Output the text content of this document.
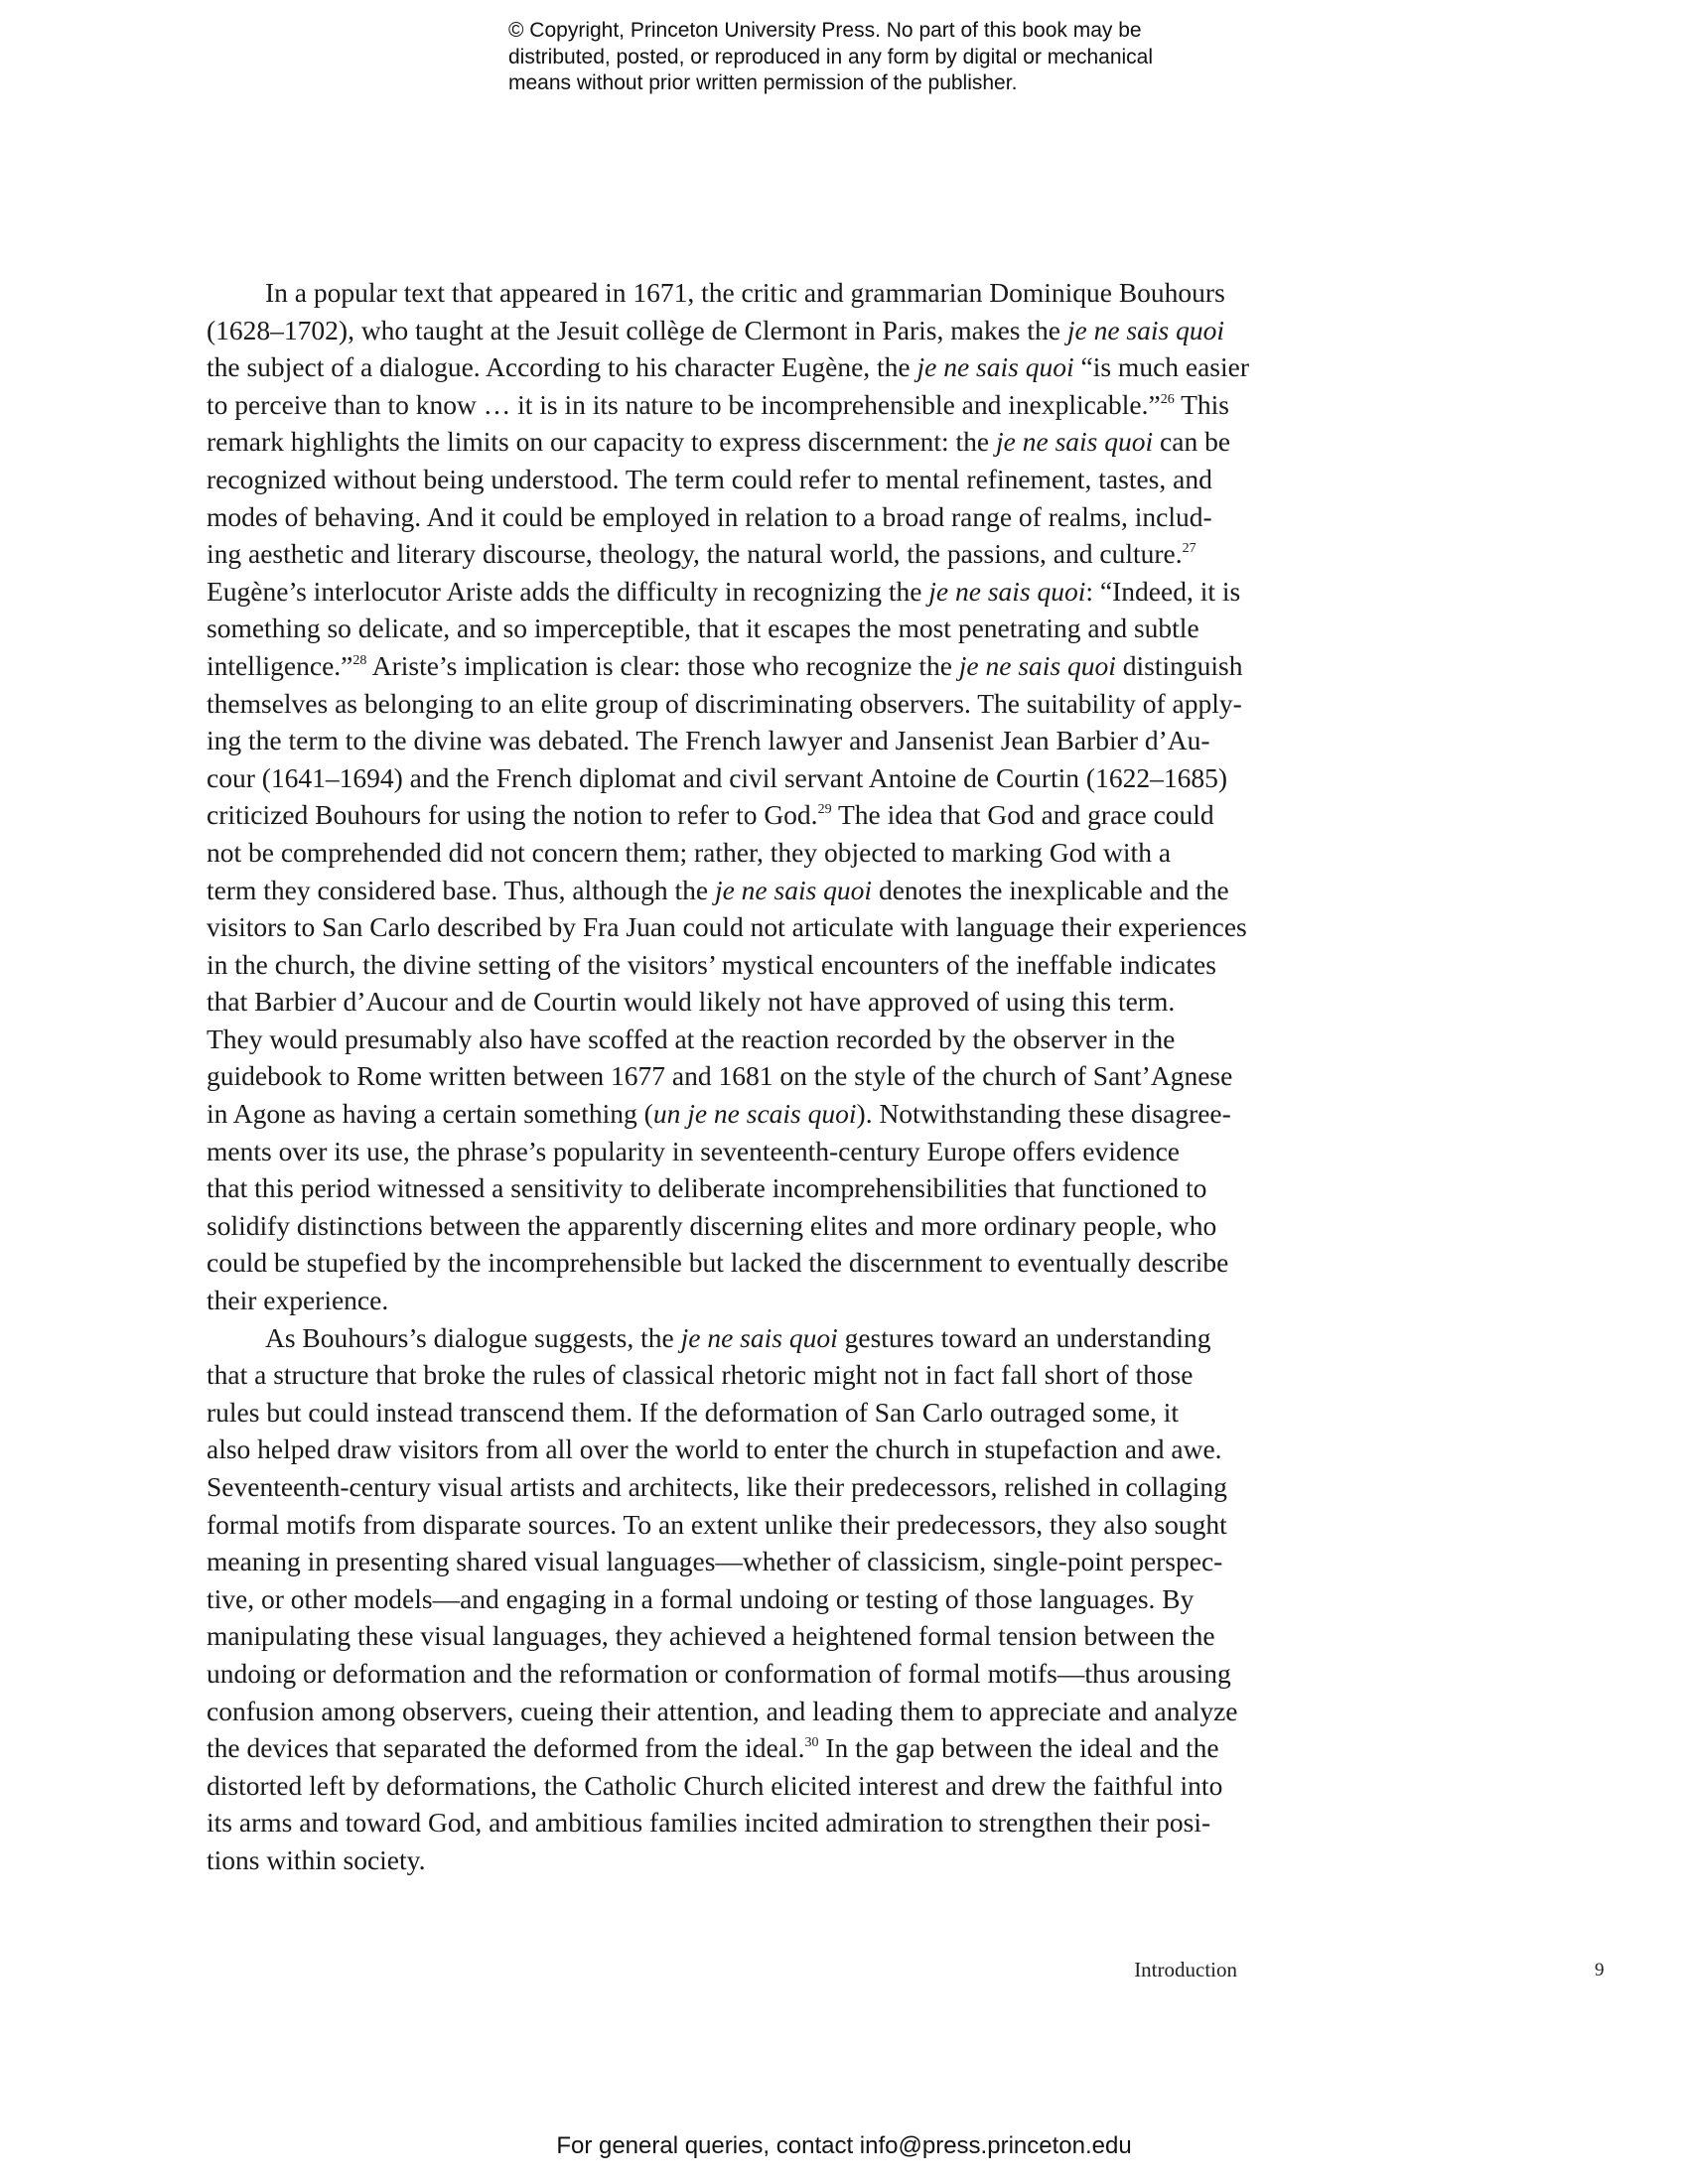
© Copyright, Princeton University Press. No part of this book may be
distributed, posted, or reproduced in any form by digital or mechanical
means without prior written permission of the publisher.
In a popular text that appeared in 1671, the critic and grammarian Dominique Bouhours
(1628–1702), who taught at the Jesuit collège de Clermont in Paris, makes the je ne sais quoi
the subject of a dialogue. According to his character Eugène, the je ne sais quoi “is much easier
to perceive than to know … it is in its nature to be incomprehensible and inexplicable.”$^{26}$ This
remark highlights the limits on our capacity to express discernment: the je ne sais quoi can be
recognized without being understood. The term could refer to mental refinement, tastes, and
modes of behaving. And it could be employed in relation to a broad range of realms, includ-
ing aesthetic and literary discourse, theology, the natural world, the passions, and culture.$^{27}$
Eugène’s interlocutor Ariste adds the difficulty in recognizing the je ne sais quoi: “Indeed, it is
something so delicate, and so imperceptible, that it escapes the most penetrating and subtle
intelligence.”$^{28}$ Ariste’s implication is clear: those who recognize the je ne sais quoi distinguish
themselves as belonging to an elite group of discriminating observers. The suitability of apply-
ing the term to the divine was debated. The French lawyer and Jansenist Jean Barbier d’Au-
cour (1641–1694) and the French diplomat and civil servant Antoine de Courtin (1622–1685)
criticized Bouhours for using the notion to refer to God.$^{29}$ The idea that God and grace could
not be comprehended did not concern them; rather, they objected to marking God with a
term they considered base. Thus, although the je ne sais quoi denotes the inexplicable and the
visitors to San Carlo described by Fra Juan could not articulate with language their experiences
in the church, the divine setting of the visitors’ mystical encounters of the ineffable indicates
that Barbier d’Aucour and de Courtin would likely not have approved of using this term.
They would presumably also have scoffed at the reaction recorded by the observer in the
guidebook to Rome written between 1677 and 1681 on the style of the church of Sant’Agnese
in Agone as having a certain something (un je ne scais quoi). Notwithstanding these disagree-
ments over its use, the phrase’s popularity in seventeenth-century Europe offers evidence
that this period witnessed a sensitivity to deliberate incomprehensibilities that functioned to
solidify distinctions between the apparently discerning elites and more ordinary people, who
could be stupefied by the incomprehensible but lacked the discernment to eventually describe
their experience.
As Bouhours’s dialogue suggests, the je ne sais quoi gestures toward an understanding
that a structure that broke the rules of classical rhetoric might not in fact fall short of those
rules but could instead transcend them. If the deformation of San Carlo outraged some, it
also helped draw visitors from all over the world to enter the church in stupefaction and awe.
Seventeenth-century visual artists and architects, like their predecessors, relished in collaging
formal motifs from disparate sources. To an extent unlike their predecessors, they also sought
meaning in presenting shared visual languages—whether of classicism, single-point perspec-
tive, or other models—and engaging in a formal undoing or testing of those languages. By
manipulating these visual languages, they achieved a heightened formal tension between the
undoing or deformation and the reformation or conformation of formal motifs—thus arousing
confusion among observers, cueing their attention, and leading them to appreciate and analyze
the devices that separated the deformed from the ideal.$^{30}$ In the gap between the ideal and the
distorted left by deformations, the Catholic Church elicited interest and drew the faithful into
its arms and toward God, and ambitious families incited admiration to strengthen their posi-
tions within society.
Introduction	9
For general queries, contact info@press.princeton.edu
